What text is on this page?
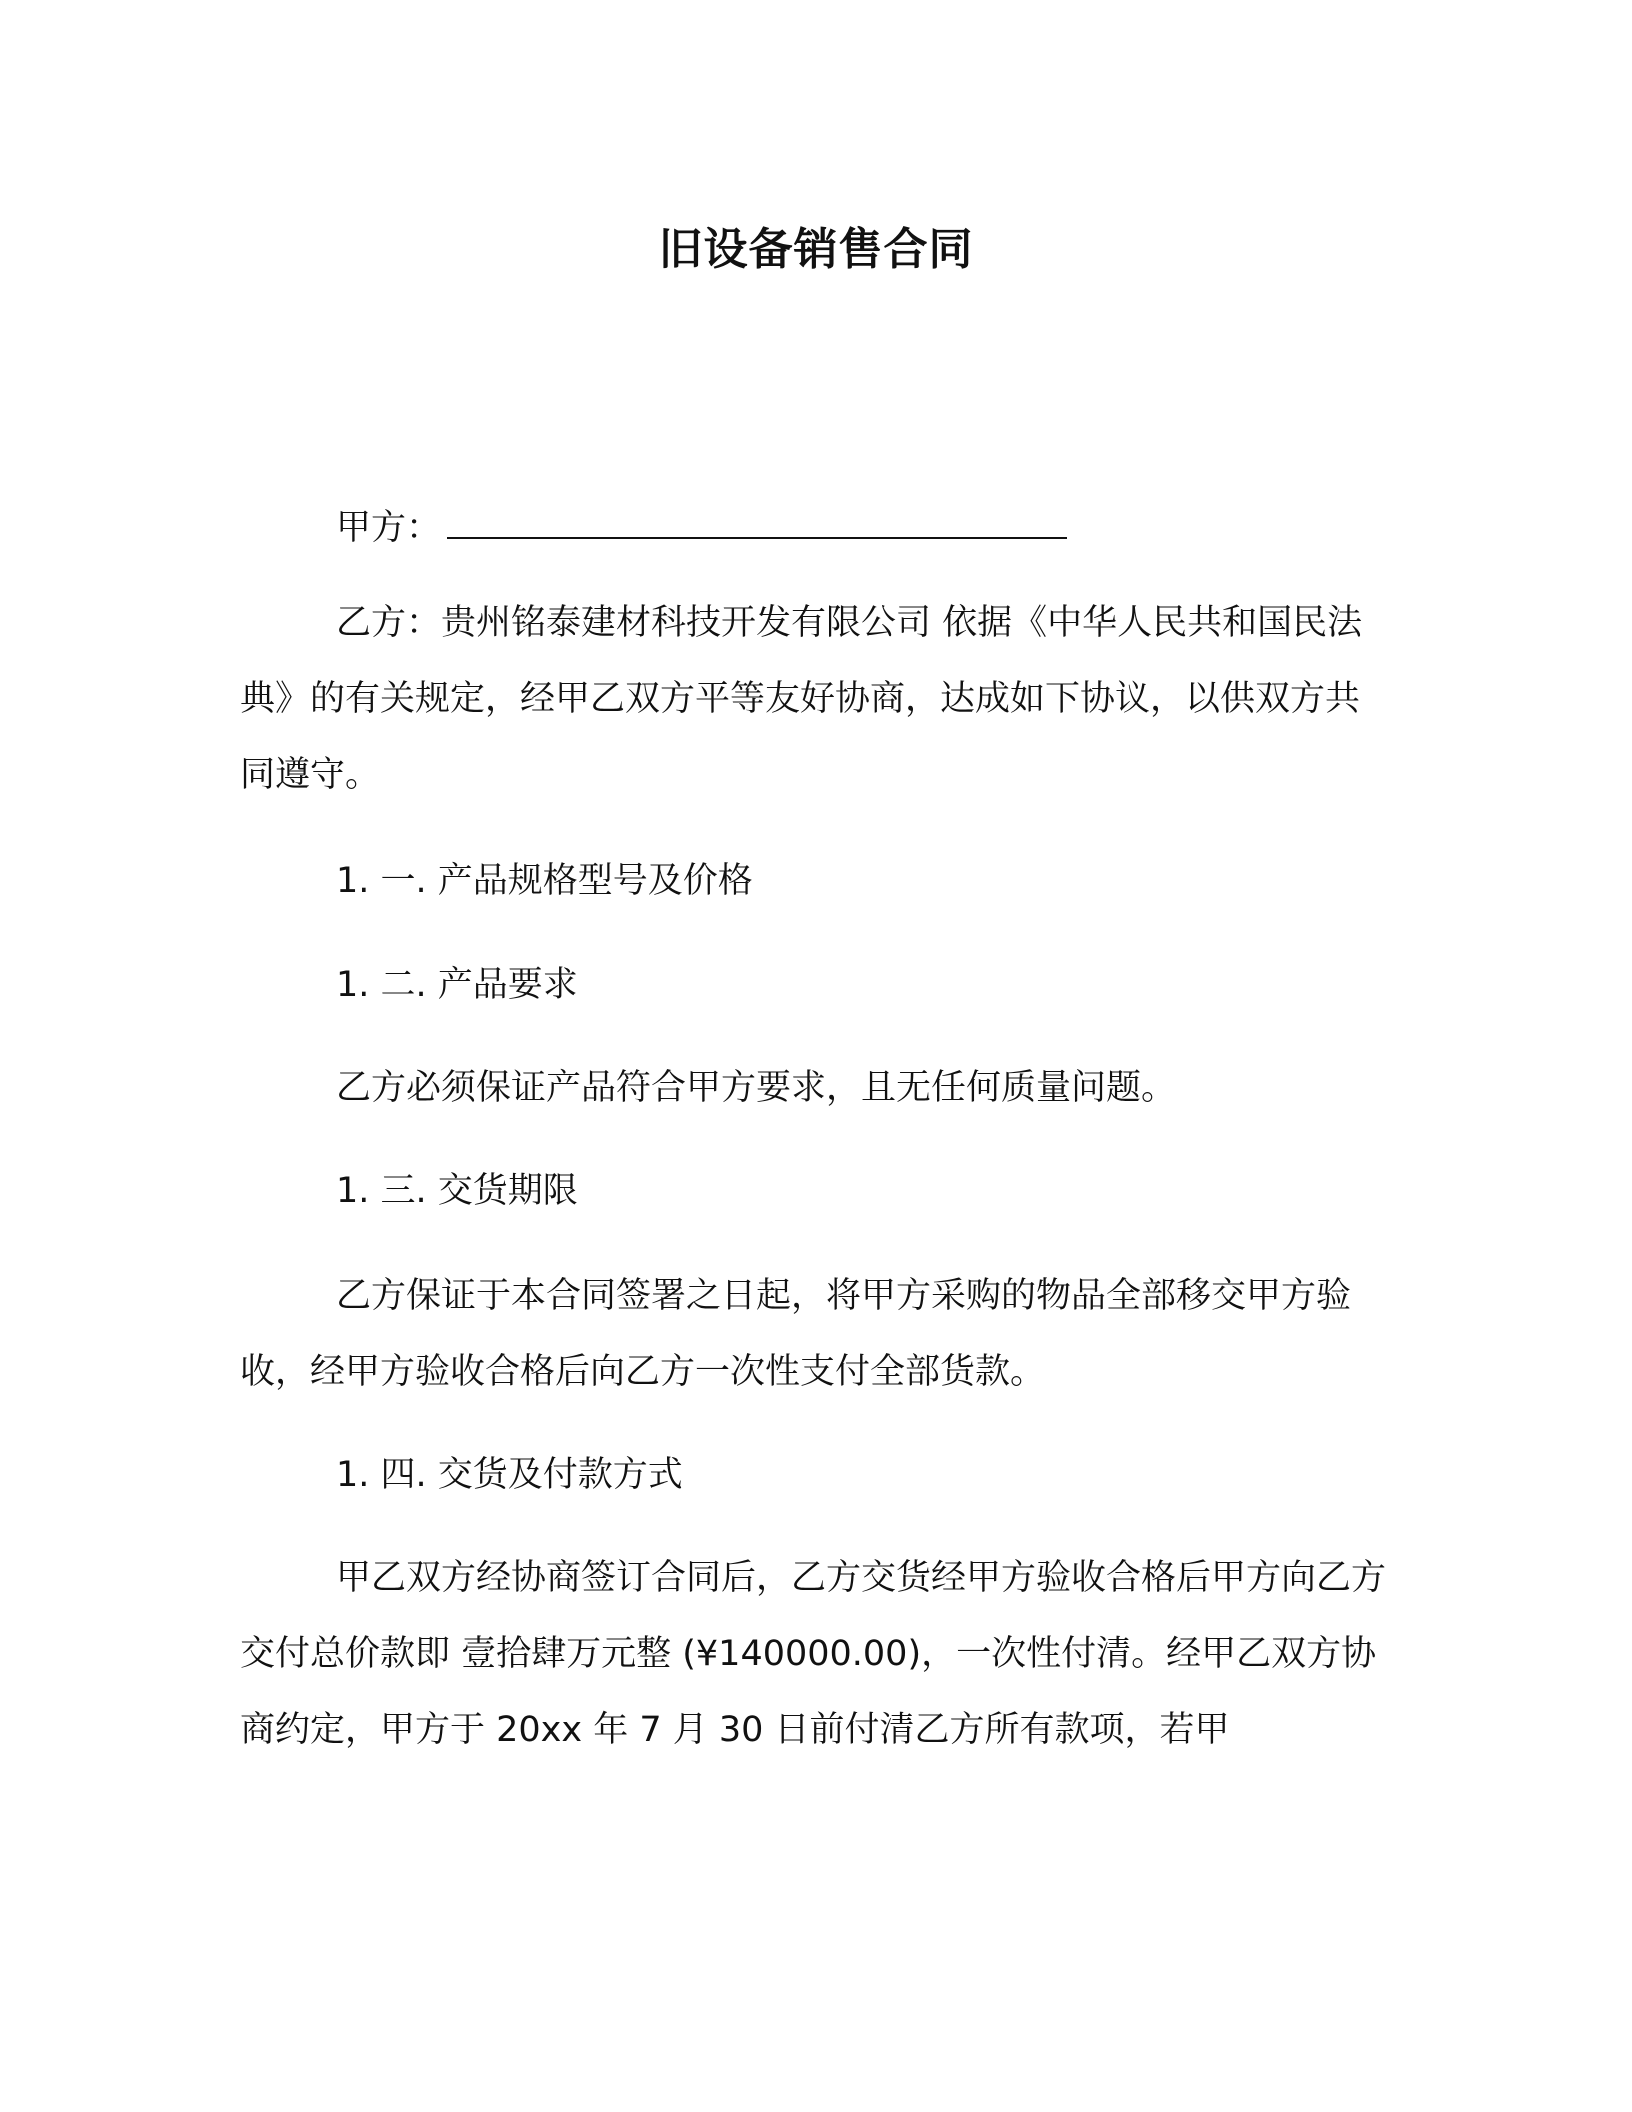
旧设备销售合同
甲方：

乙方：贵州铭泰建材科技开发有限公司 依据《中华人民共和国民法典》的有关规定，经甲乙双方平等友好协商，达成如下协议，以供双方共同遵守。

1. 一. 产品规格型号及价格
1. 二. 产品要求
乙方必须保证产品符合甲方要求，且无任何质量问题。
1. 三. 交货期限

乙方保证于本合同签署之日起，将甲方采购的物品全部移交甲方验收，经甲方验收合格后向乙方一次性支付全部货款。

1. 四. 交货及付款方式

甲乙双方经协商签订合同后，乙方交货经甲方验收合格后甲方向乙方交付总价款即 壹拾肆万元整 (¥140000.00)，一次性付清。经甲乙双方协商约定，甲方于 20xx 年 7 月 30 日前付清乙方所有款项，若甲
